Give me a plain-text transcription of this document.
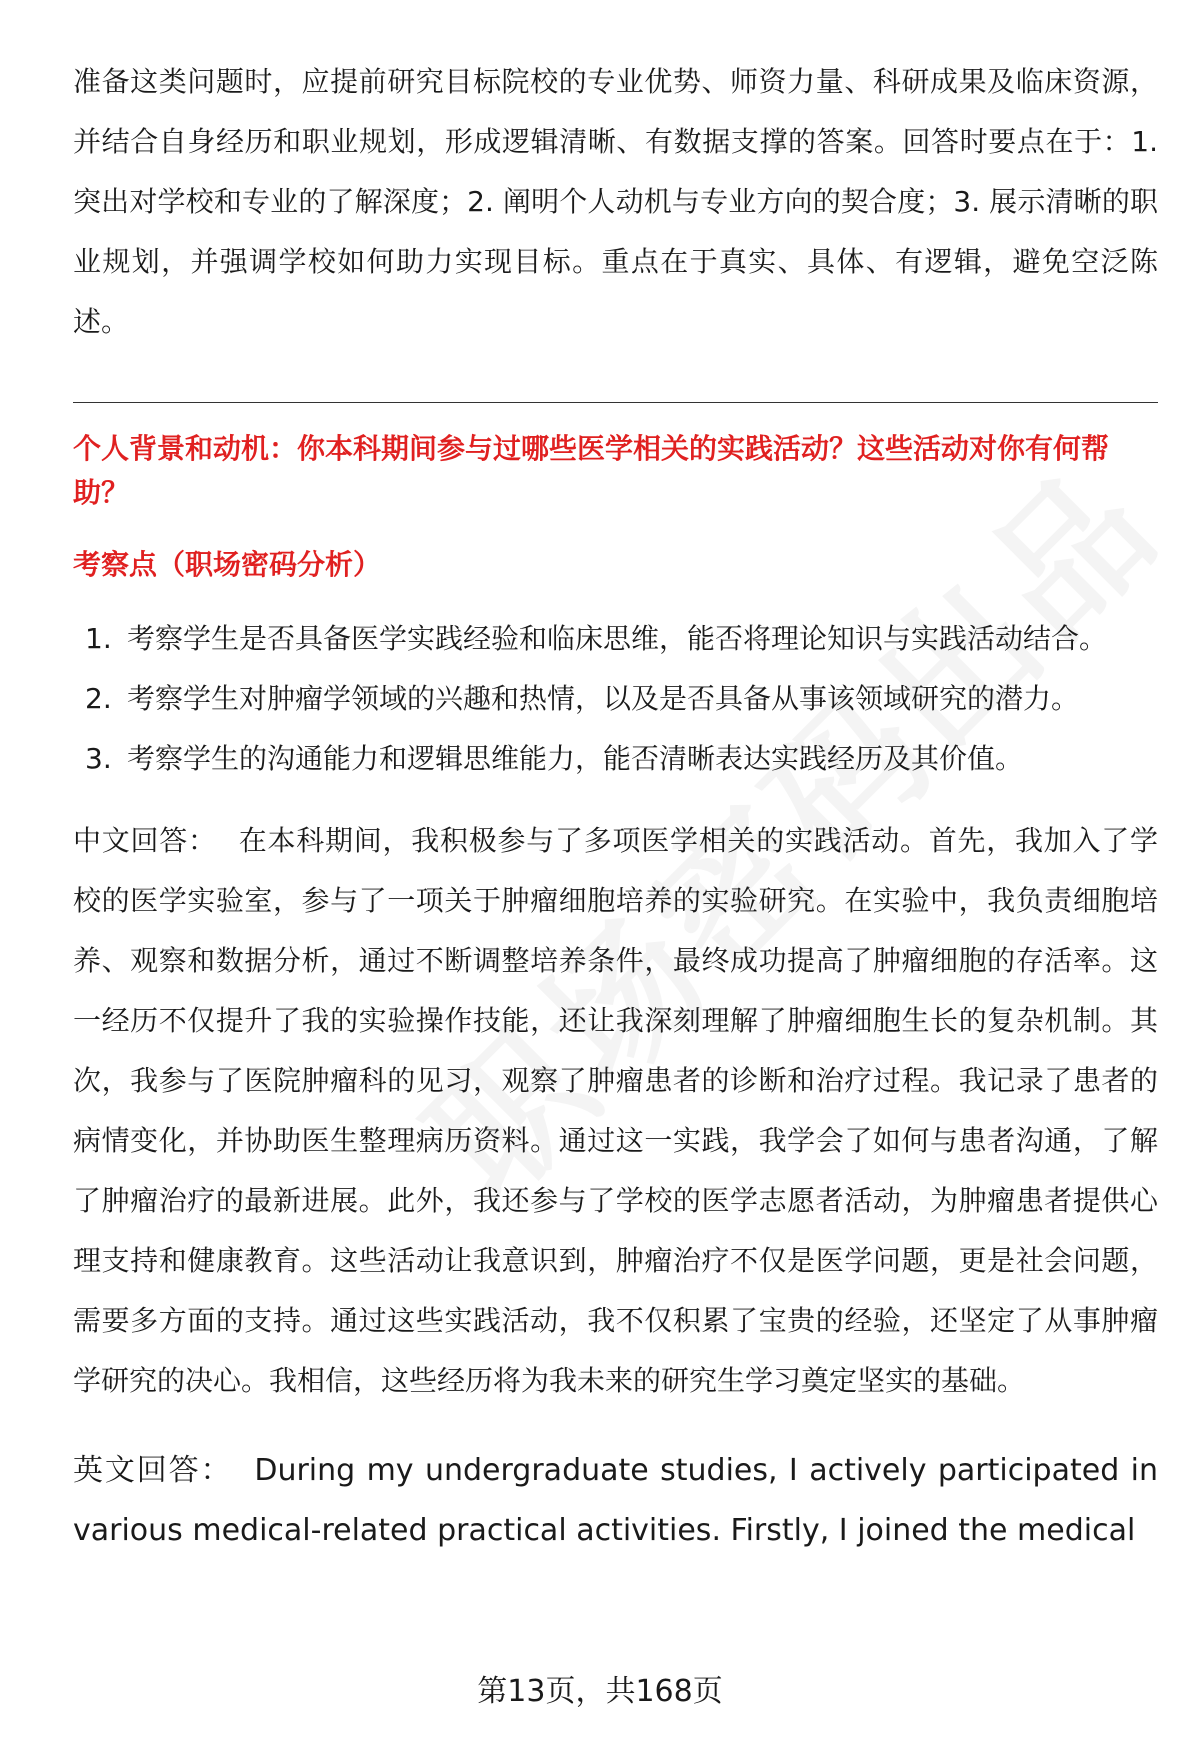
准备这类问题时，应提前研究目标院校的专业优势、师资力量、科研成果及临床资源，并结合自身经历和职业规划，形成逻辑清晰、有数据支撑的答案。回答时要点在于：1. 突出对学校和专业的了解深度；2. 阐明个人动机与专业方向的契合度；3. 展示清晰的职业规划，并强调学校如何助力实现目标。重点在于真实、具体、有逻辑，避免空泛陈述。

个人背景和动机：你本科期间参与过哪些医学相关的实践活动？这些活动对你有何帮助？

考察点（职场密码分析）

1. 考察学生是否具备医学实践经验和临床思维，能否将理论知识与实践活动结合。
2. 考察学生对肿瘤学领域的兴趣和热情，以及是否具备从事该领域研究的潜力。
3. 考察学生的沟通能力和逻辑思维能力，能否清晰表达实践经历及其价值。

中文回答： 在本科期间，我积极参与了多项医学相关的实践活动。首先，我加入了学校的医学实验室，参与了一项关于肿瘤细胞培养的实验研究。在实验中，我负责细胞培养、观察和数据分析，通过不断调整培养条件，最终成功提高了肿瘤细胞的存活率。这一经历不仅提升了我的实验操作技能，还让我深刻理解了肿瘤细胞生长的复杂机制。其次，我参与了医院肿瘤科的见习，观察了肿瘤患者的诊断和治疗过程。我记录了患者的病情变化，并协助医生整理病历资料。通过这一实践，我学会了如何与患者沟通，了解了肿瘤治疗的最新进展。此外，我还参与了学校的医学志愿者活动，为肿瘤患者提供心理支持和健康教育。这些活动让我意识到，肿瘤治疗不仅是医学问题，更是社会问题，需要多方面的支持。通过这些实践活动，我不仅积累了宝贵的经验，还坚定了从事肿瘤学研究的决心。我相信，这些经历将为我未来的研究生学习奠定坚实的基础。

英文回答： During my undergraduate studies, I actively participated in various medical-related practical activities. Firstly, I joined the medical

第13页，共168页
